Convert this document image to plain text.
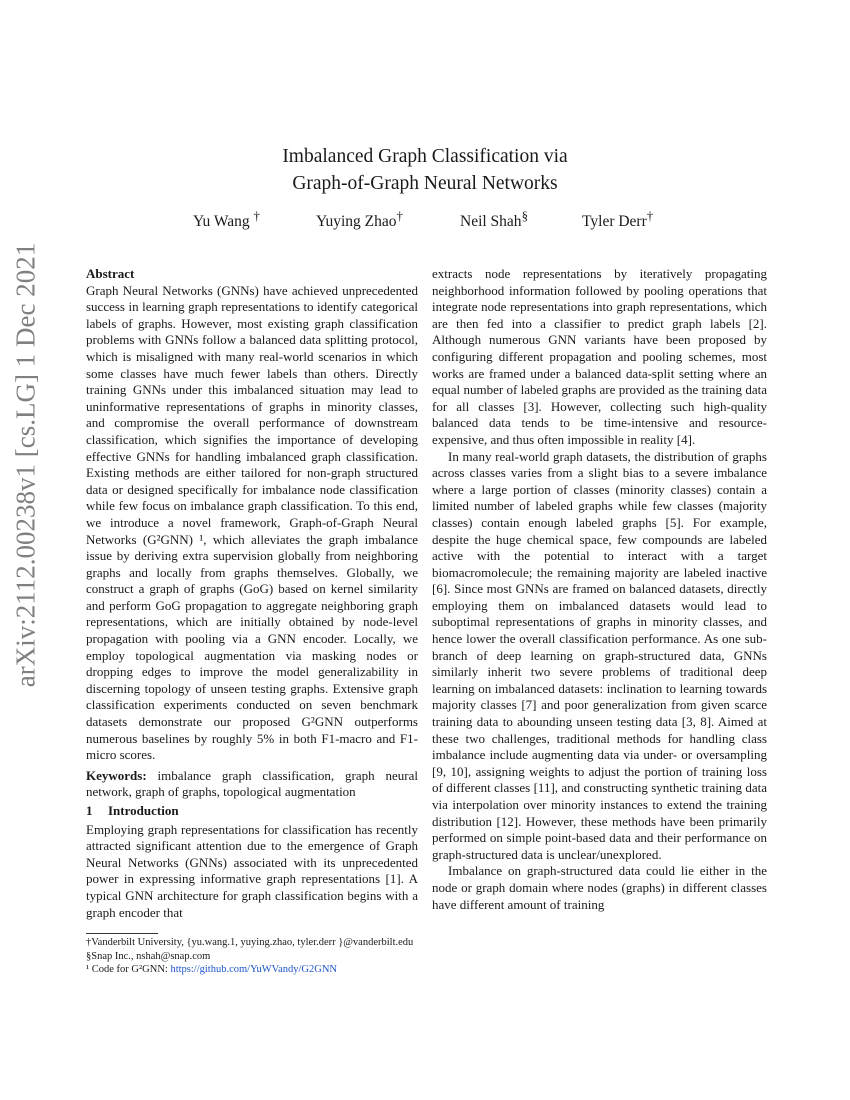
arXiv:2112.00238v1 [cs.LG] 1 Dec 2021
Imbalanced Graph Classification via
Graph-of-Graph Neural Networks
Yu Wang †	Yuying Zhao†	Neil Shah§	Tyler Derr†
Abstract

Graph Neural Networks (GNNs) have achieved unprecedented success in learning graph representations to identify categorical labels of graphs. However, most existing graph classification problems with GNNs follow a balanced data splitting protocol, which is misaligned with many real-world scenarios in which some classes have much fewer labels than others. Directly training GNNs under this imbalanced situation may lead to uninformative representations of graphs in minority classes, and compromise the overall performance of downstream classification, which signifies the importance of developing effective GNNs for handling imbalanced graph classification. Existing methods are either tailored for non-graph structured data or designed specifically for imbalance node classification while few focus on imbalance graph classification. To this end, we introduce a novel framework, Graph-of-Graph Neural Networks (G²GNN) ¹, which alleviates the graph imbalance issue by deriving extra supervision globally from neighboring graphs and locally from graphs themselves. Globally, we construct a graph of graphs (GoG) based on kernel similarity and perform GoG propagation to aggregate neighboring graph representations, which are initially obtained by node-level propagation with pooling via a GNN encoder. Locally, we employ topological augmentation via masking nodes or dropping edges to improve the model generalizability in discerning topology of unseen testing graphs. Extensive graph classification experiments conducted on seven benchmark datasets demonstrate our proposed G²GNN outperforms numerous baselines by roughly 5% in both F1-macro and F1-micro scores.

Keywords: imbalance graph classification, graph neural network, graph of graphs, topological augmentation

1 Introduction

Employing graph representations for classification has recently attracted significant attention due to the emergence of Graph Neural Networks (GNNs) associated with its unprecedented power in expressing informative graph representations [1]. A typical GNN architecture for graph classification begins with a graph encoder that

†Vanderbilt University, {yu.wang.1, yuying.zhao, tyler.derr }@vanderbilt.edu
§Snap Inc., nshah@snap.com
¹ Code for G²GNN: https://github.com/YuWVandy/G2GNN

extracts node representations by iteratively propagating neighborhood information followed by pooling operations that integrate node representations into graph representations, which are then fed into a classifier to predict graph labels [2]. Although numerous GNN variants have been proposed by configuring different propagation and pooling schemes, most works are framed under a balanced data-split setting where an equal number of labeled graphs are provided as the training data for all classes [3]. However, collecting such high-quality balanced data tends to be time-intensive and resource-expensive, and thus often impossible in reality [4].

In many real-world graph datasets, the distribution of graphs across classes varies from a slight bias to a severe imbalance where a large portion of classes (minority classes) contain a limited number of labeled graphs while few classes (majority classes) contain enough labeled graphs [5]. For example, despite the huge chemical space, few compounds are labeled active with the potential to interact with a target biomacromolecule; the remaining majority are labeled inactive [6]. Since most GNNs are framed on balanced datasets, directly employing them on imbalanced datasets would lead to suboptimal representations of graphs in minority classes, and hence lower the overall classification performance. As one sub-branch of deep learning on graph-structured data, GNNs similarly inherit two severe problems of traditional deep learning on imbalanced datasets: inclination to learning towards majority classes [7] and poor generalization from given scarce training data to abounding unseen testing data [3, 8]. Aimed at these two challenges, traditional methods for handling class imbalance include augmenting data via under- or oversampling [9, 10], assigning weights to adjust the portion of training loss of different classes [11], and constructing synthetic training data via interpolation over minority instances to extend the training distribution [12]. However, these methods have been primarily performed on simple point-based data and their performance on graph-structured data is unclear/unexplored.

Imbalance on graph-structured data could lie either in the node or graph domain where nodes (graphs) in different classes have different amount of training
